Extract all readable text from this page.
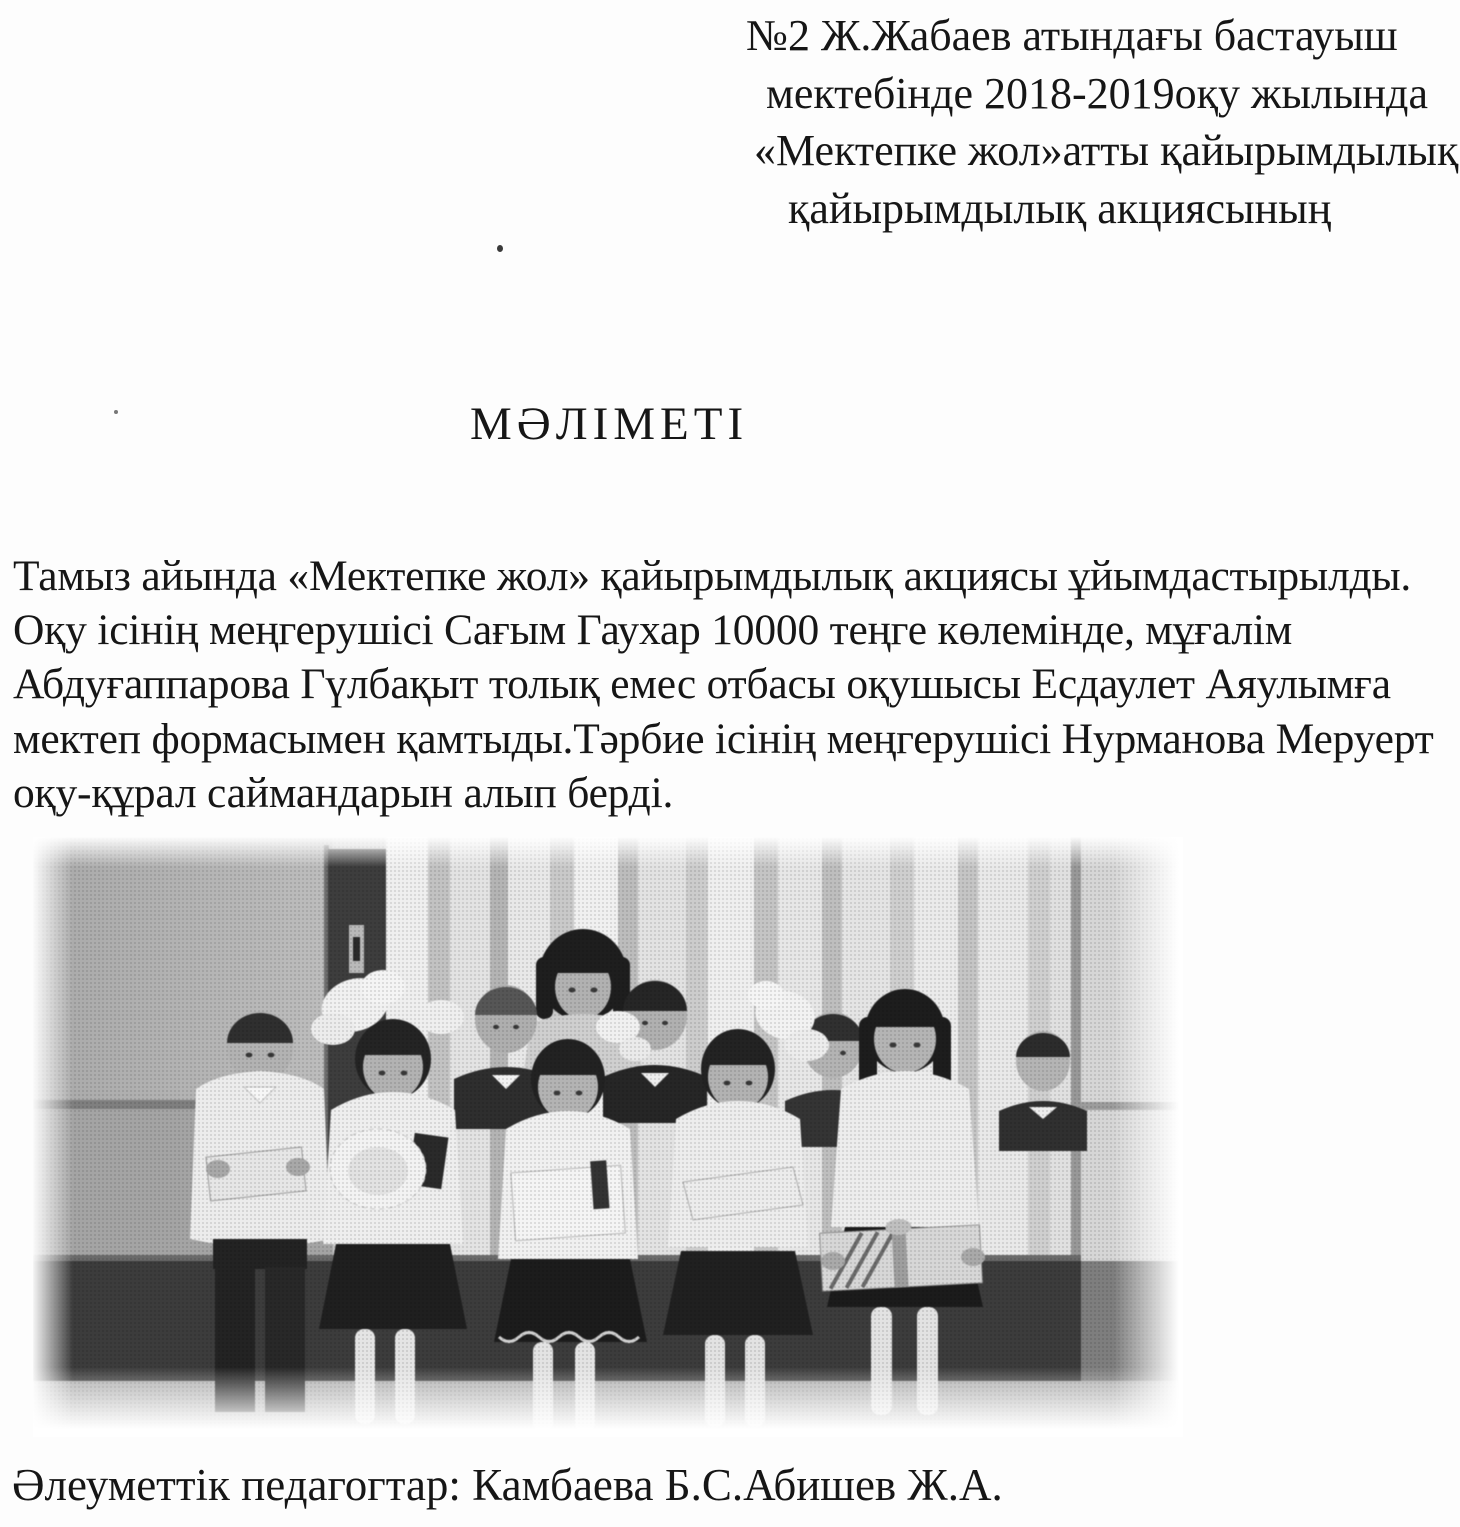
№2 Ж.Жабаев атындағы бастауыш
мектебінде 2018-2019оқу жылында
«Мектепке жол»атты қайырымдылық
қайырымдылық акциясының
МӘЛІМЕТІ
Тамыз айында «Мектепке жол» қайырымдылық акциясы ұйымдастырылды.
Оқу ісінің меңгерушісі Сағым Гаухар 10000 теңге көлемінде, мұғалім
Абдуғаппарова Гүлбақыт толық емес отбасы оқушысы Есдаулет Аяулымға
мектеп формасымен қамтыды.Тәрбие ісінің меңгерушісі Нурманова Меруерт
оқу-құрал саймандарын алып берді.
Әлеуметтік педагогтар: Камбаева Б.С.Абишев Ж.А.
